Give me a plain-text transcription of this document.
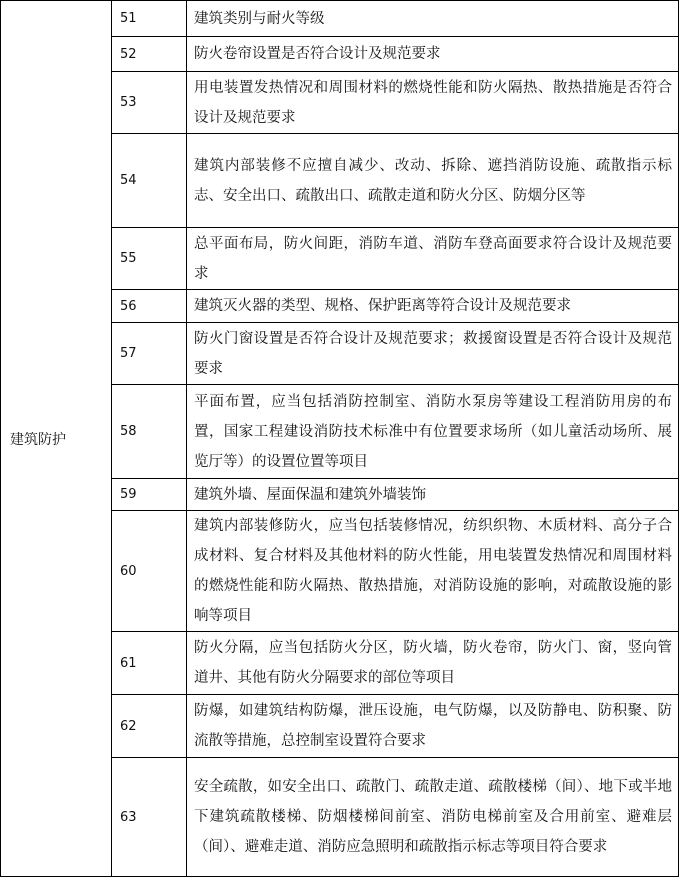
建筑防护	51	建筑类别与耐火等级
	52	防火卷帘设置是否符合设计及规范要求
	53	用电装置发热情况和周围材料的燃烧性能和防火隔热、散热措施是否符合设计及规范要求
	54	建筑内部装修不应擅自减少、改动、拆除、遮挡消防设施、疏散指示标志、安全出口、疏散出口、疏散走道和防火分区、防烟分区等
	55	总平面布局，防火间距，消防车道、消防车登高面要求符合设计及规范要求
	56	建筑灭火器的类型、规格、保护距离等符合设计及规范要求
	57	防火门窗设置是否符合设计及规范要求；救援窗设置是否符合设计及规范要求
	58	平面布置，应当包括消防控制室、消防水泵房等建设工程消防用房的布置，国家工程建设消防技术标准中有位置要求场所（如儿童活动场所、展览厅等）的设置位置等项目
	59	建筑外墙、屋面保温和建筑外墙装饰
	60	建筑内部装修防火，应当包括装修情况，纺织织物、木质材料、高分子合成材料、复合材料及其他材料的防火性能，用电装置发热情况和周围材料的燃烧性能和防火隔热、散热措施，对消防设施的影响，对疏散设施的影响等项目
	61	防火分隔，应当包括防火分区，防火墙，防火卷帘，防火门、窗，竖向管道井、其他有防火分隔要求的部位等项目
	62	防爆，如建筑结构防爆，泄压设施，电气防爆，以及防静电、防积聚、防流散等措施，总控制室设置符合要求
	63	安全疏散，如安全出口、疏散门、疏散走道、疏散楼梯（间）、地下或半地下建筑疏散楼梯、防烟楼梯间前室、消防电梯前室及合用前室、避难层（间）、避难走道、消防应急照明和疏散指示标志等项目符合要求
